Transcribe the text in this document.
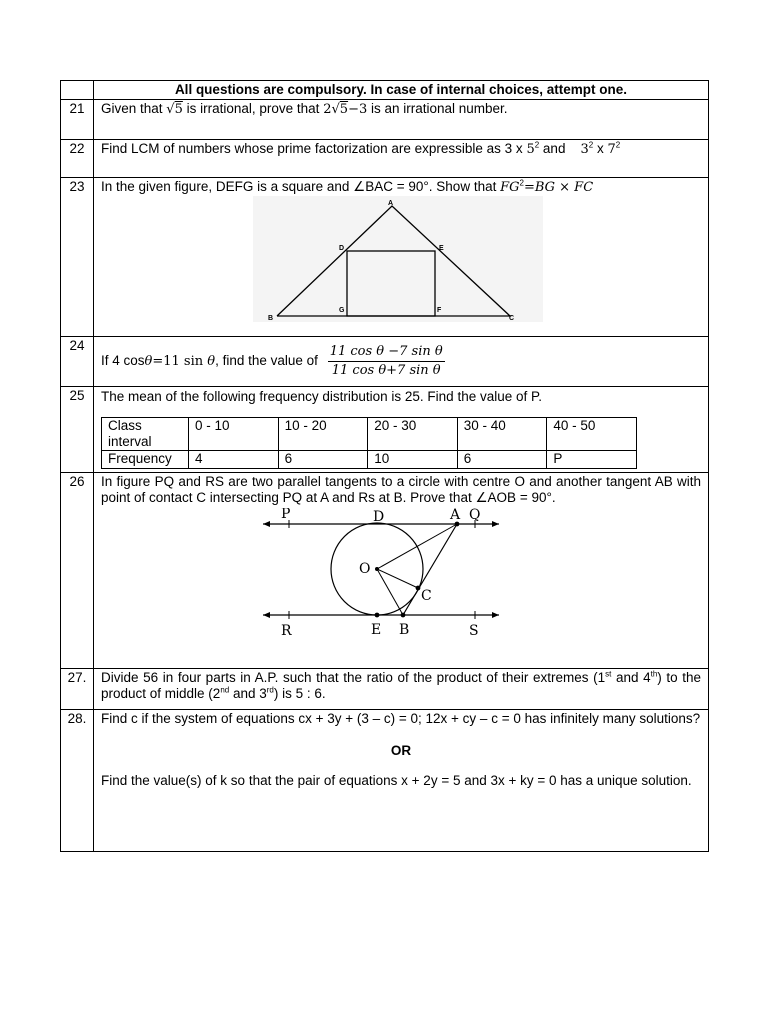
	All questions are compulsory. In case of internal choices, attempt one.
21	Given that √5 is irrational, prove that 2√5−3 is an irrational number.
22	Find LCM of numbers whose prime factorization are expressible as 3 x $5^2$ and    $3^2$ x $7^2$
23	In the given figure, DEFG is a square and ∠BAC = 90°. Show that $FG^2=BG$ × FC
A
D	E
G	F
B	C

24	If 4 cosθ=11 sin θ, find the value of $\frac{\text{11 cos θ −7 sin θ}}{\text{11 cos θ+7 sin θ}}$

25	The mean of the following frequency distribution is 25. Find the value of P.
Class interval	0 - 10	10 - 20	20 - 30	30 - 40	40 - 50
Frequency	4	6	10	6	P

26	In figure PQ and RS are two parallel tangents to a circle with centre O and another tangent AB with point of contact C intersecting PQ at A and Rs at B. Prove that ∠AOB = 90°.
P	D	A Q
O
C
R	E B	S

27.	Divide 56 in four parts in A.P. such that the ratio of the product of their extremes (1st and 4th) to the product of middle (2nd and 3rd) is 5 : 6.
28.	Find c if the system of equations cx + 3y + (3 – c) = 0; 12x + cy – c = 0 has infinitely many solutions?
OR
Find the value(s) of k so that the pair of equations x + 2y = 5 and 3x + ky = 0 has a unique solution.
